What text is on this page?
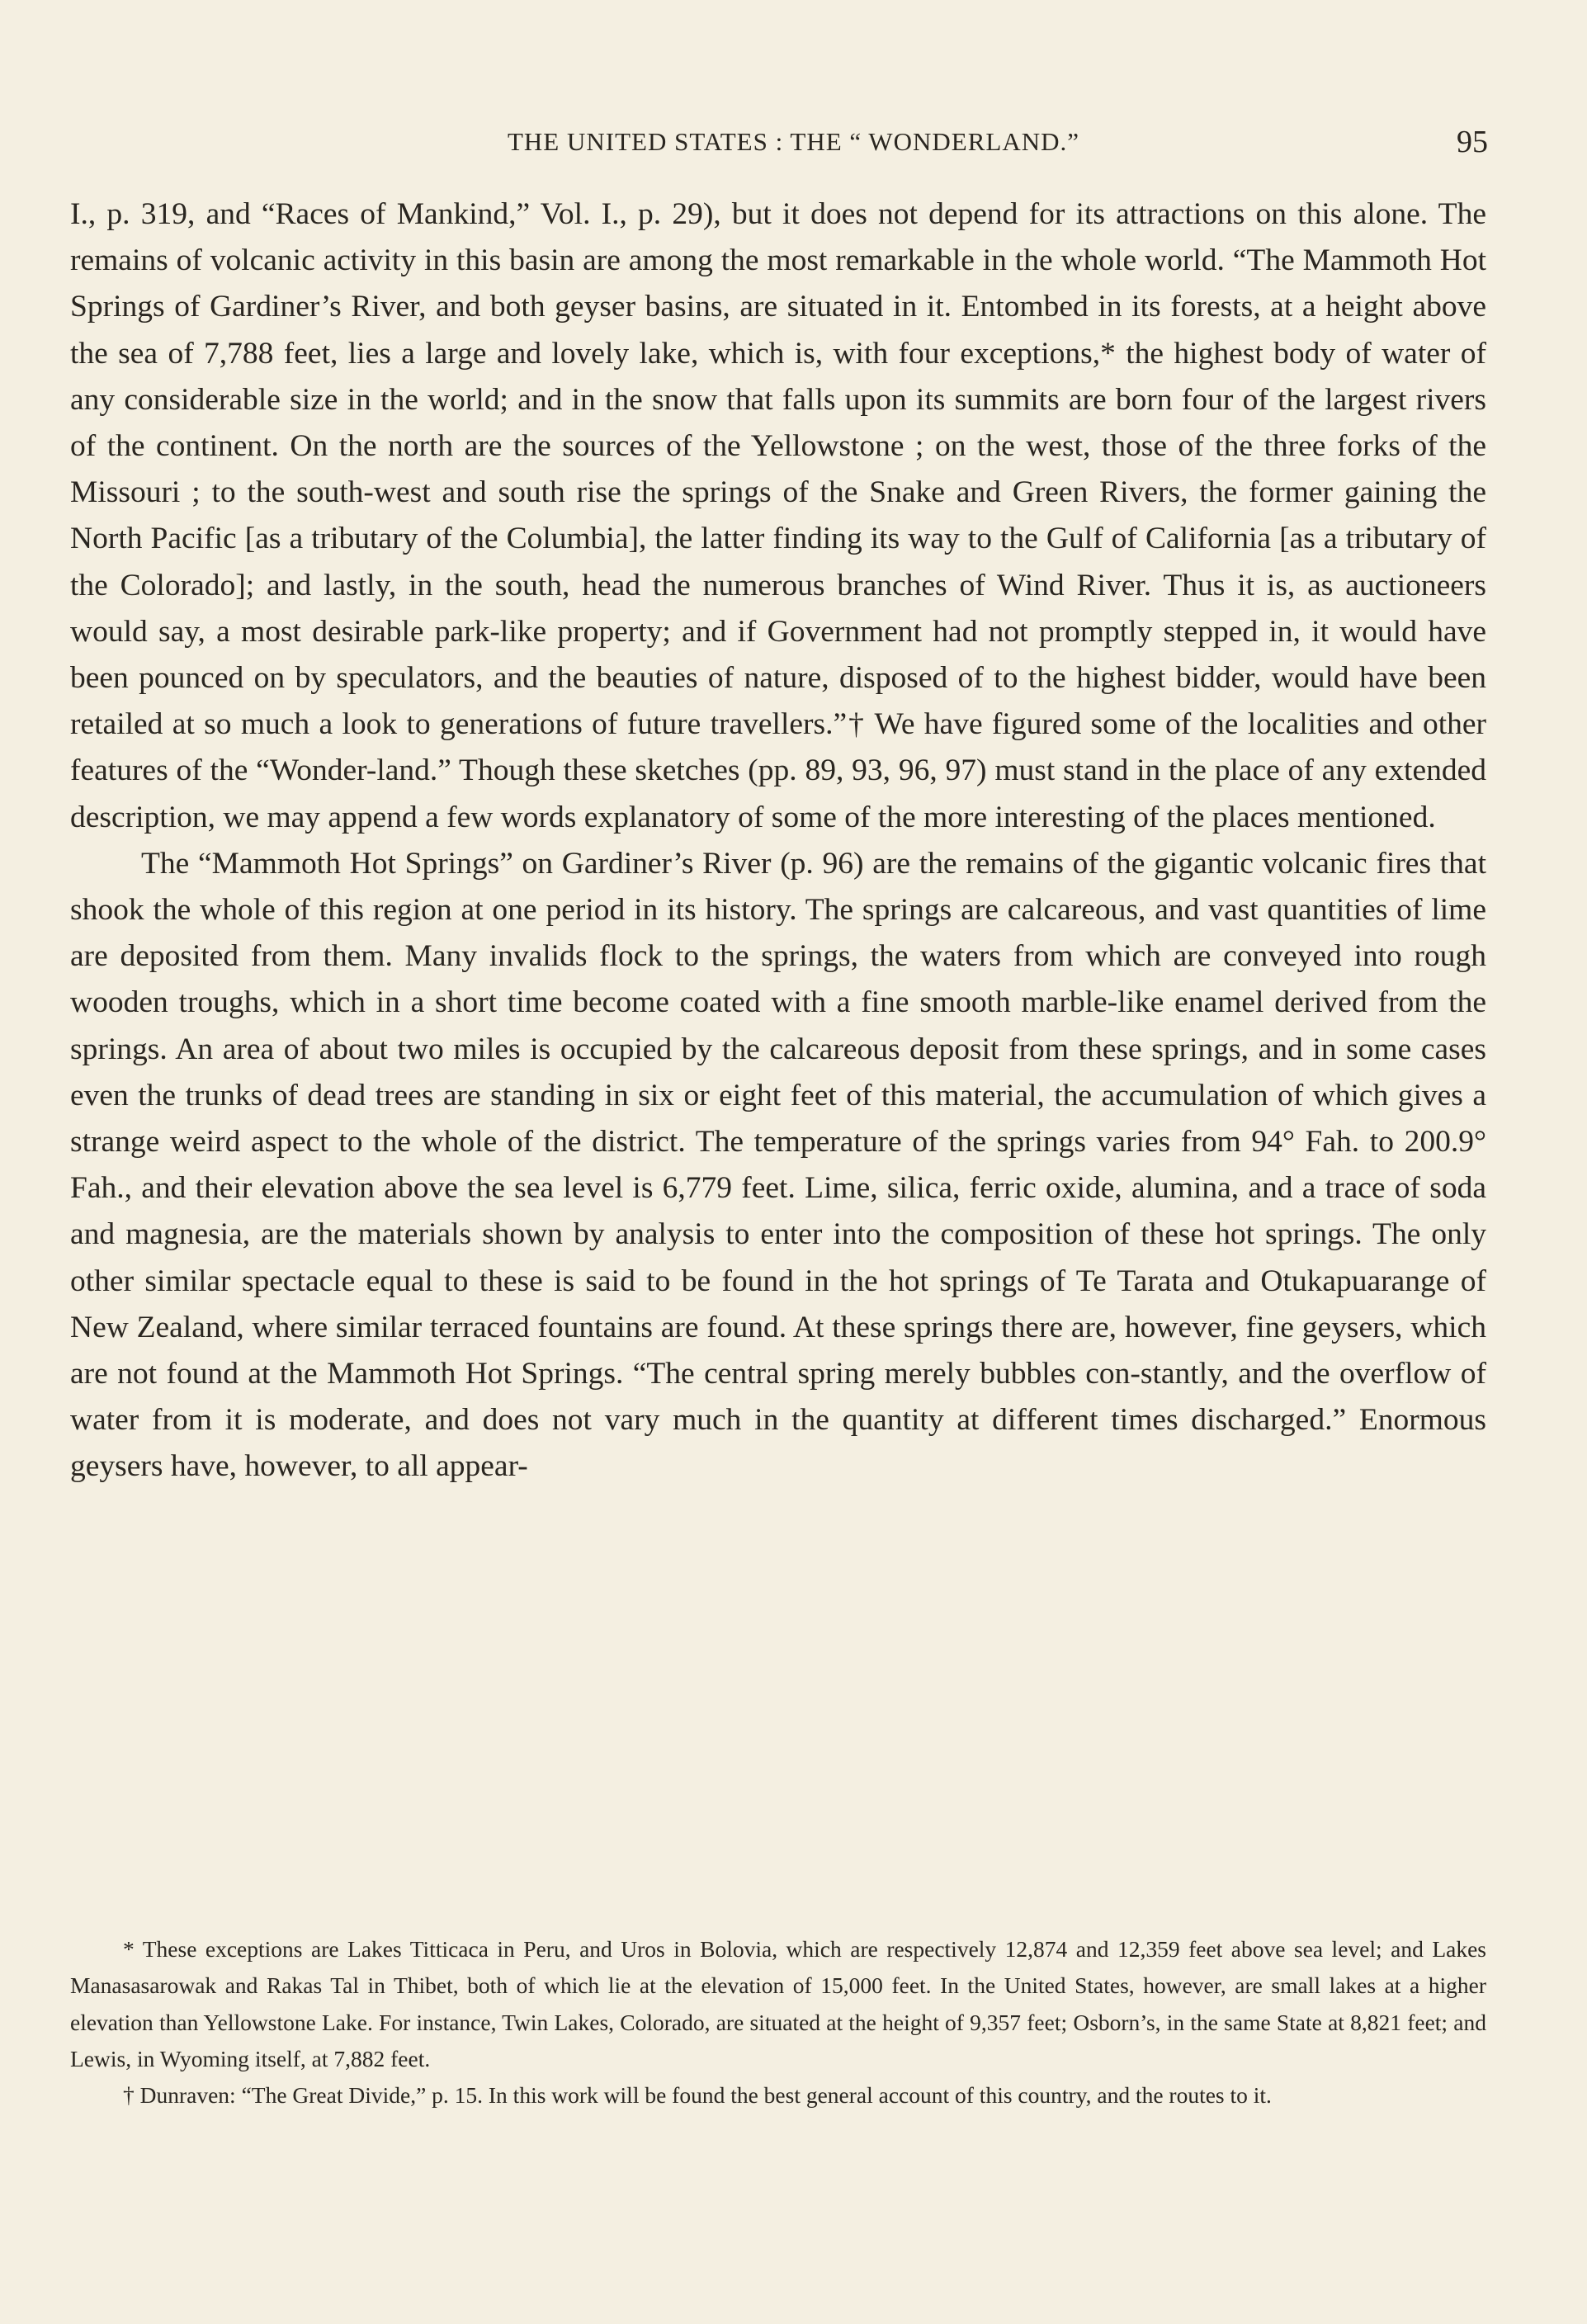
THE UNITED STATES : THE “ WONDERLAND.”	95

I., p. 319, and “Races of Mankind,” Vol. I., p. 29), but it does not depend for its attractions on this alone. The remains of volcanic activity in this basin are among the most remarkable in the whole world. “The Mammoth Hot Springs of Gardiner’s River, and both geyser basins, are situated in it. Entombed in its forests, at a height above the sea of 7,788 feet, lies a large and lovely lake, which is, with four exceptions,* the highest body of water of any considerable size in the world; and in the snow that falls upon its summits are born four of the largest rivers of the continent. On the north are the sources of the Yellowstone ; on the west, those of the three forks of the Missouri ; to the south-west and south rise the springs of the Snake and Green Rivers, the former gaining the North Pacific [as a tributary of the Columbia], the latter finding its way to the Gulf of California [as a tributary of the Colorado]; and lastly, in the south, head the numerous branches of Wind River. Thus it is, as auctioneers would say, a most desirable park-like property; and if Government had not promptly stepped in, it would have been pounced on by speculators, and the beauties of nature, disposed of to the highest bidder, would have been retailed at so much a look to generations of future travellers.”† We have figured some of the localities and other features of the “Wonder-land.” Though these sketches (pp. 89, 93, 96, 97) must stand in the place of any extended description, we may append a few words explanatory of some of the more interesting of the places mentioned.

The “Mammoth Hot Springs” on Gardiner’s River (p. 96) are the remains of the gigantic volcanic fires that shook the whole of this region at one period in its history. The springs are calcareous, and vast quantities of lime are deposited from them. Many invalids flock to the springs, the waters from which are conveyed into rough wooden troughs, which in a short time become coated with a fine smooth marble-like enamel derived from the springs. An area of about two miles is occupied by the calcareous deposit from these springs, and in some cases even the trunks of dead trees are standing in six or eight feet of this material, the accumulation of which gives a strange weird aspect to the whole of the district. The temperature of the springs varies from 94° Fah. to 200.9° Fah., and their elevation above the sea level is 6,779 feet. Lime, silica, ferric oxide, alumina, and a trace of soda and magnesia, are the materials shown by analysis to enter into the composition of these hot springs. The only other similar spectacle equal to these is said to be found in the hot springs of Te Tarata and Otukapuarange of New Zealand, where similar terraced fountains are found. At these springs there are, however, fine geysers, which are not found at the Mammoth Hot Springs. “The central spring merely bubbles con-stantly, and the overflow of water from it is moderate, and does not vary much in the quantity at different times discharged.” Enormous geysers have, however, to all appear-

* These exceptions are Lakes Titticaca in Peru, and Uros in Bolovia, which are respectively 12,874 and 12,359 feet above sea level; and Lakes Manasasarowak and Rakas Tal in Thibet, both of which lie at the elevation of 15,000 feet. In the United States, however, are small lakes at a higher elevation than Yellowstone Lake. For instance, Twin Lakes, Colorado, are situated at the height of 9,357 feet; Osborn’s, in the same State at 8,821 feet; and Lewis, in Wyoming itself, at 7,882 feet.

† Dunraven: “The Great Divide,” p. 15. In this work will be found the best general account of this country, and the routes to it.
